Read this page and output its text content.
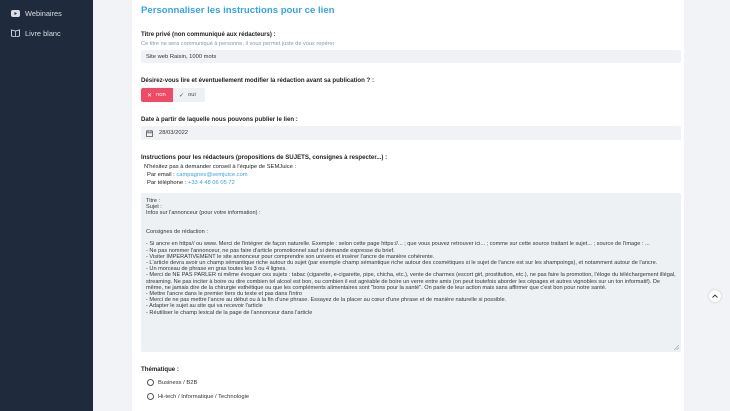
Webinaires
Livre blanc
Personnaliser les instructions pour ce lien
Titre privé (non communiqué aux rédacteurs) :
Ce titre ne sera communiqué à personne, il vous permet juste de vous repérer
Site web Raisin, 1000 mots
Désirez-vous lire et éventuellement modifier la rédaction avant sa publication ? :
✕ non ✓ oui
Date à partir de laquelle nous pouvons publier le lien :
28/03/2022
Instructions pour les rédacteurs (propositions de SUJETS, consignes à respecter...) :
N'hésitez pas à demander conseil à l'équipe de SEMJuice :
Par email : campagnes@semjuice.com
Par téléphone : +33 4 48 06 05 72
Titre :
Sujet :
Infos sur l'annonceur (pour votre information) :
Consignes de rédaction :
- Si ancre en https// ou www. Merci de l'intégrer de façon naturelle. Exemple : selon cette page https://... ; que vous pouvez retrouver ici... ; comme sur cette source traitant le sujet... ; source de l'image : ...
- Ne pas nommer l'annonceur, ne pas faire d'article promotionnel sauf si demande expresse du brief.
- Visiter IMPERATIVEMENT le site annonceur pour comprendre son univers et insérer l'ancre de manière cohérente.
- L'article devra avoir un champ sémantique riche autour du sujet (par exemple champ sémantique riche autour des cosmétiques si le sujet de l'ancre est sur les shampoings), et notamment autour de l'ancre.
- Un morceau de phrase en gras toutes les 3 ou 4 lignes.
- Merci de NE PAS PARLER ni même évoquer ces sujets : tabac (cigarette, e-cigarette, pipe, chicha, etc.), vente de charmes (escort girl, prostitution, etc.), ne pas faire la promotion, l'éloge du téléchargement illégal, streaming. Ne pas inciter à boire ou dire combien tel alcool est bon, ou combien il est agréable de boire un verre entre amis (on peut toutefois aborder les cépages et autres vignobles sur un ton informatif). De même, ne jamais dire de la chirurgie esthétique ou que les compléments alimentaires sont "bons pour la santé". On parle de leur action mais sans affirmer que c'est bon pour notre santé.
- Mettre l'ancre dans le premier tiers du texte et pas dans l'intro
- Merci de ne pas mettre l'ancre au début ou à la fin d'une phrase. Essayez de la placer au cœur d'une phrase et de manière naturelle si possible.
- Adapter le sujet au site qui va recevoir l'article
- Réutiliser le champ lexical de la page de l'annonceur dans l'article
Thématique :
Business / B2B
Hi-tech / Informatique / Technologie
